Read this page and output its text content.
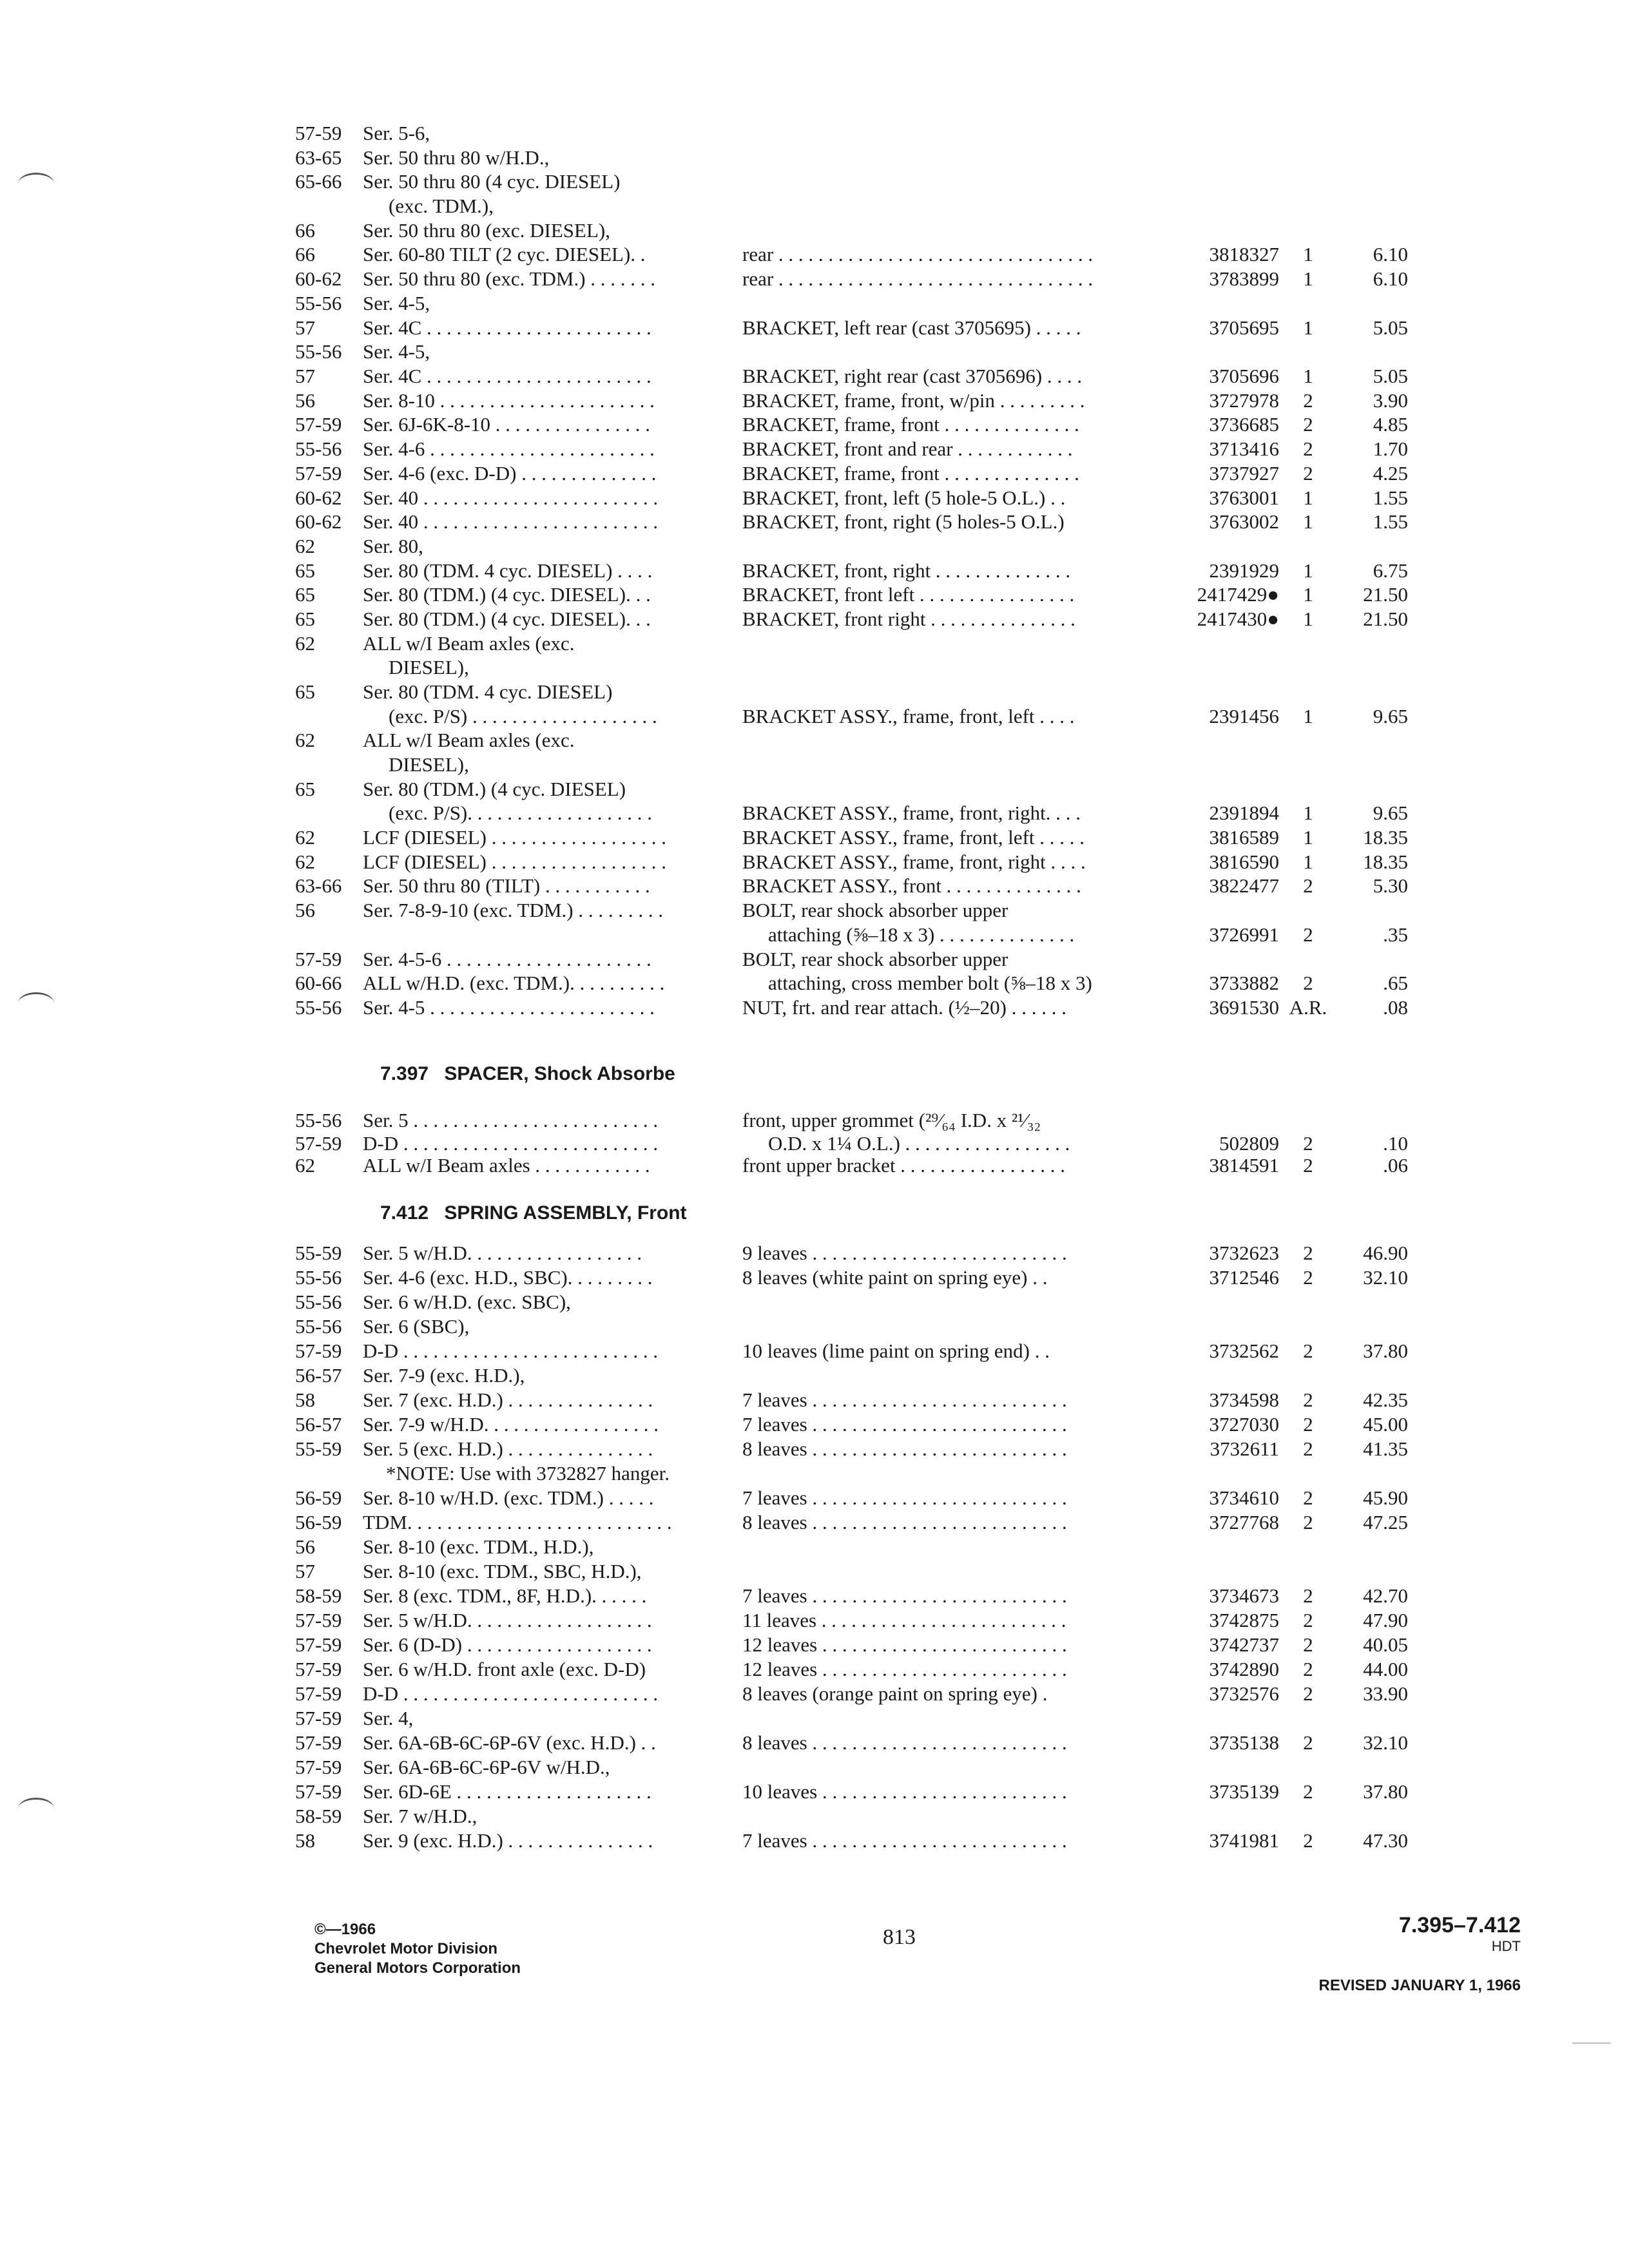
57-59	Ser. 5-6,
63-65	Ser. 50 thru 80 w/H.D.,
65-66	Ser. 50 thru 80 (4 cyc. DIESEL)
(exc. TDM.),
66	Ser. 50 thru 80 (exc. DIESEL),
66	Ser. 60-80 TILT (2 cyc. DIESEL). .	rear . . . . . . . . . . . . . . . . . . . . . . . . . . . . . . . .	3818327	1	6.10
60-62	Ser. 50 thru 80 (exc. TDM.) . . . . . . .	rear . . . . . . . . . . . . . . . . . . . . . . . . . . . . . . . .	3783899	1	6.10
55-56	Ser. 4-5,
57	Ser. 4C . . . . . . . . . . . . . . . . . . . . . . .	BRACKET, left rear (cast 3705695) . . . . .	3705695	1	5.05
55-56	Ser. 4-5,
57	Ser. 4C . . . . . . . . . . . . . . . . . . . . . . .	BRACKET, right rear (cast 3705696) . . . .	3705696	1	5.05
56	Ser. 8-10 . . . . . . . . . . . . . . . . . . . . . .	BRACKET, frame, front, w/pin . . . . . . . . .	3727978	2	3.90
57-59	Ser. 6J-6K-8-10 . . . . . . . . . . . . . . . .	BRACKET, frame, front . . . . . . . . . . . . . .	3736685	2	4.85
55-56	Ser. 4-6 . . . . . . . . . . . . . . . . . . . . . . .	BRACKET, front and rear . . . . . . . . . . . .	3713416	2	1.70
57-59	Ser. 4-6 (exc. D-D) . . . . . . . . . . . . . .	BRACKET, frame, front . . . . . . . . . . . . . .	3737927	2	4.25
60-62	Ser. 40 . . . . . . . . . . . . . . . . . . . . . . . .	BRACKET, front, left (5 hole-5 O.L.) . .	3763001	1	1.55
60-62	Ser. 40 . . . . . . . . . . . . . . . . . . . . . . . .	BRACKET, front, right (5 holes-5 O.L.)	3763002	1	1.55
62	Ser. 80,
65	Ser. 80 (TDM. 4 cyc. DIESEL) . . . .	BRACKET, front, right . . . . . . . . . . . . . .	2391929	1	6.75
65	Ser. 80 (TDM.) (4 cyc. DIESEL). . .	BRACKET, front left . . . . . . . . . . . . . . . .	2417429●	1	21.50
65	Ser. 80 (TDM.) (4 cyc. DIESEL). . .	BRACKET, front right . . . . . . . . . . . . . . .	2417430●	1	21.50
62	ALL w/I Beam axles (exc.
DIESEL),
65	Ser. 80 (TDM. 4 cyc. DIESEL)
(exc. P/S) . . . . . . . . . . . . . . . . . . .	BRACKET ASSY., frame, front, left . . . .	2391456	1	9.65
62	ALL w/I Beam axles (exc.
DIESEL),
65	Ser. 80 (TDM.) (4 cyc. DIESEL)
(exc. P/S). . . . . . . . . . . . . . . . . . .	BRACKET ASSY., frame, front, right. . . .	2391894	1	9.65
62	LCF (DIESEL) . . . . . . . . . . . . . . . . . .	BRACKET ASSY., frame, front, left . . . . .	3816589	1	18.35
62	LCF (DIESEL) . . . . . . . . . . . . . . . . . .	BRACKET ASSY., frame, front, right . . . .	3816590	1	18.35
63-66	Ser. 50 thru 80 (TILT) . . . . . . . . . . .	BRACKET ASSY., front . . . . . . . . . . . . . .	3822477	2	5.30
56	Ser. 7-8-9-10 (exc. TDM.) . . . . . . . . .	BOLT, rear shock absorber upper
attaching (⅝–18 x 3) . . . . . . . . . . . . . .	3726991	2	.35
57-59	Ser. 4-5-6 . . . . . . . . . . . . . . . . . . . . .	BOLT, rear shock absorber upper
60-66	ALL w/H.D. (exc. TDM.). . . . . . . . . .	attaching, cross member bolt (⅝–18 x 3)	3733882	2	.65
55-56	Ser. 4-5 . . . . . . . . . . . . . . . . . . . . . . .	NUT, frt. and rear attach. (½–20) . . . . . .	3691530 A.R.	.08
7.397 SPACER, Shock Absorbe
55-56	Ser. 5 . . . . . . . . . . . . . . . . . . . . . . . . .	front, upper grommet (²⁹⁄₆₄ I.D. x ²¹⁄₃₂
57-59	D-D . . . . . . . . . . . . . . . . . . . . . . . . . .	O.D. x 1¼ O.L.) . . . . . . . . . . . . . . . . .	502809	2	.10
62	ALL w/I Beam axles . . . . . . . . . . . .	front upper bracket . . . . . . . . . . . . . . . . .	3814591	2	.06
7.412 SPRING ASSEMBLY, Front
55-59	Ser. 5 w/H.D. . . . . . . . . . . . . . . . . .	9 leaves . . . . . . . . . . . . . . . . . . . . . . . . . .	3732623	2	46.90
55-56	Ser. 4-6 (exc. H.D., SBC). . . . . . . . .	8 leaves (white paint on spring eye) . .	3712546	2	32.10
55-56	Ser. 6 w/H.D. (exc. SBC),
55-56	Ser. 6 (SBC),
57-59	D-D . . . . . . . . . . . . . . . . . . . . . . . . . .	10 leaves (lime paint on spring end) . .	3732562	2	37.80
56-57	Ser. 7-9 (exc. H.D.),
58	Ser. 7 (exc. H.D.) . . . . . . . . . . . . . . .	7 leaves . . . . . . . . . . . . . . . . . . . . . . . . . .	3734598	2	42.35
56-57	Ser. 7-9 w/H.D. . . . . . . . . . . . . . . . . .	7 leaves . . . . . . . . . . . . . . . . . . . . . . . . . .	3727030	2	45.00
55-59	Ser. 5 (exc. H.D.) . . . . . . . . . . . . . . .	8 leaves . . . . . . . . . . . . . . . . . . . . . . . . . .	3732611	2	41.35
*NOTE: Use with 3732827 hanger.
56-59	Ser. 8-10 w/H.D. (exc. TDM.) . . . . .	7 leaves . . . . . . . . . . . . . . . . . . . . . . . . . .	3734610	2	45.90
56-59	TDM. . . . . . . . . . . . . . . . . . . . . . . . . . .	8 leaves . . . . . . . . . . . . . . . . . . . . . . . . . .	3727768	2	47.25
56	Ser. 8-10 (exc. TDM., H.D.),
57	Ser. 8-10 (exc. TDM., SBC, H.D.),
58-59	Ser. 8 (exc. TDM., 8F, H.D.). . . . . .	7 leaves . . . . . . . . . . . . . . . . . . . . . . . . . .	3734673	2	42.70
57-59	Ser. 5 w/H.D. . . . . . . . . . . . . . . . . . .	11 leaves . . . . . . . . . . . . . . . . . . . . . . . . .	3742875	2	47.90
57-59	Ser. 6 (D-D) . . . . . . . . . . . . . . . . . . .	12 leaves . . . . . . . . . . . . . . . . . . . . . . . . .	3742737	2	40.05
57-59	Ser. 6 w/H.D. front axle (exc. D-D)	12 leaves . . . . . . . . . . . . . . . . . . . . . . . . .	3742890	2	44.00
57-59	D-D . . . . . . . . . . . . . . . . . . . . . . . . . .	8 leaves (orange paint on spring eye) .	3732576	2	33.90
57-59	Ser. 4,
57-59	Ser. 6A-6B-6C-6P-6V (exc. H.D.) . .	8 leaves . . . . . . . . . . . . . . . . . . . . . . . . . .	3735138	2	32.10
57-59	Ser. 6A-6B-6C-6P-6V w/H.D.,
57-59	Ser. 6D-6E . . . . . . . . . . . . . . . . . . . .	10 leaves . . . . . . . . . . . . . . . . . . . . . . . . .	3735139	2	37.80
58-59	Ser. 7 w/H.D.,
58	Ser. 9 (exc. H.D.) . . . . . . . . . . . . . . .	7 leaves . . . . . . . . . . . . . . . . . . . . . . . . . .	3741981	2	47.30
©—1966
Chevrolet Motor Division
General Motors Corporation
813	7.395–7.412
HDT
REVISED JANUARY 1, 1966
